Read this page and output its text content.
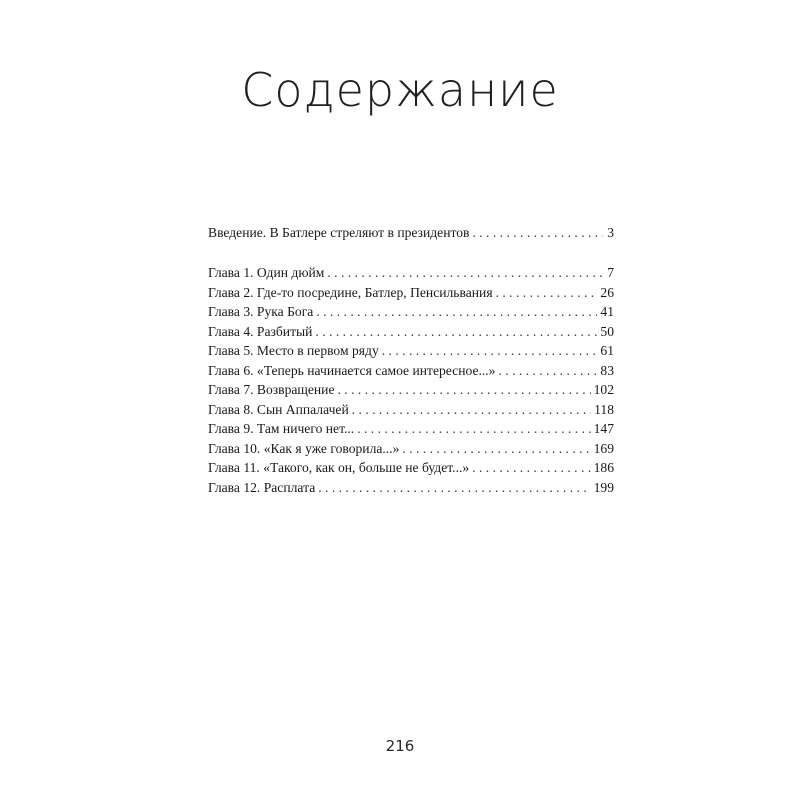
Содержание
Введение. В Батлере стреляют в президентов . . .	3
Глава 1. Один дюйм . . .	7
Глава 2. Где-то посредине, Батлер, Пенсильвания . . .	26
Глава 3. Рука Бога . . .	41
Глава 4. Разбитый . . .	50
Глава 5. Место в первом ряду . . .	61
Глава 6. «Теперь начинается самое интересное...» . . .	83
Глава 7. Возвращение . . .	102
Глава 8. Сын Аппалачей . . .	118
Глава 9. Там ничего нет... . . .	147
Глава 10. «Как я уже говорила...» . . .	169
Глава 11. «Такого, как он, больше не будет...» . . .	186
Глава 12. Расплата . . .	199
216
